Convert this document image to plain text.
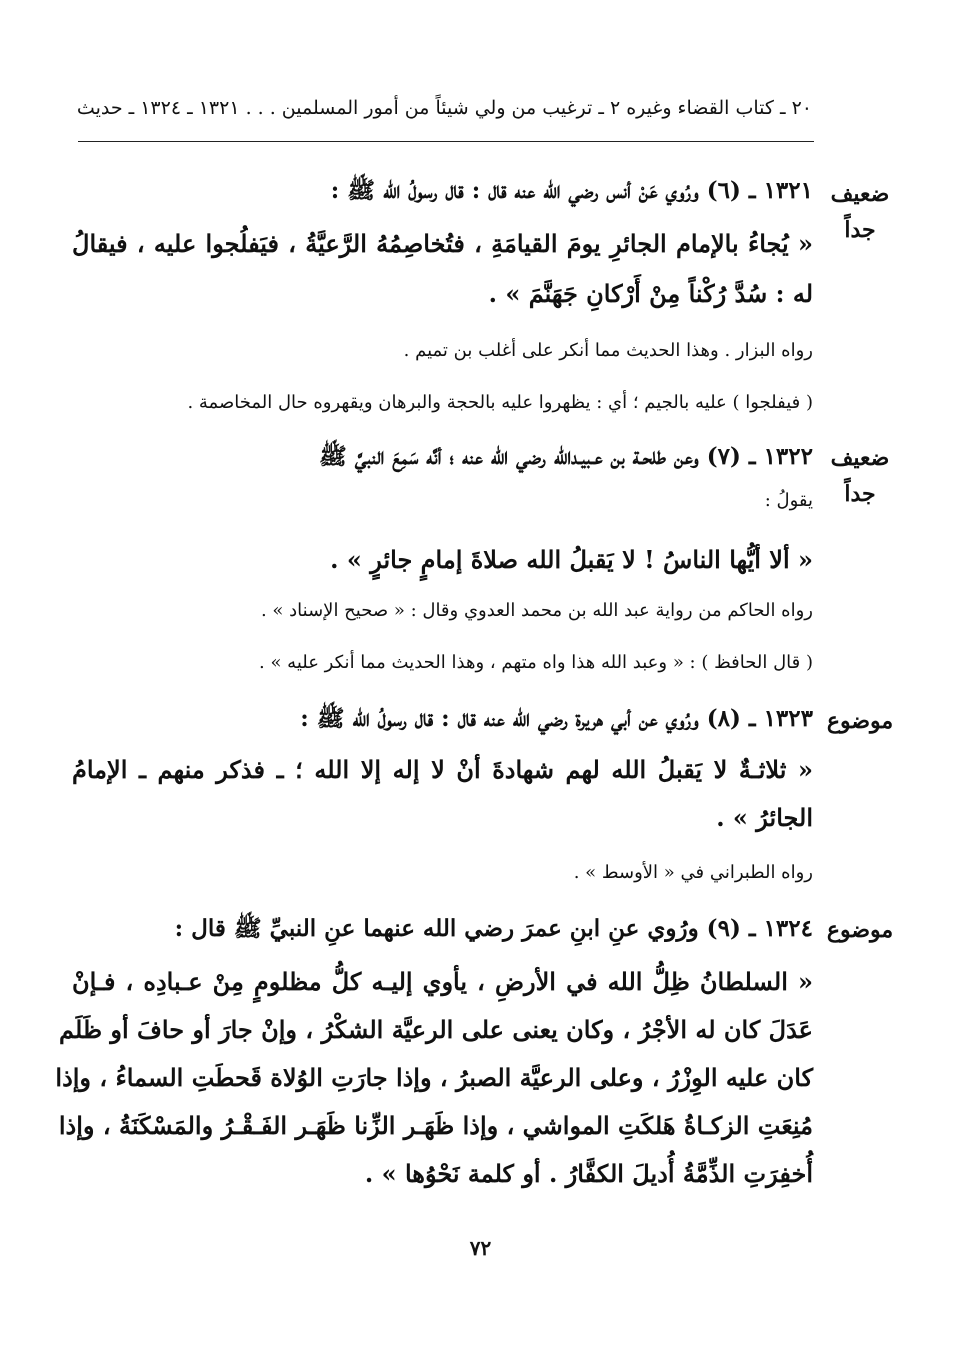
٢٠ ـ كتاب القضاء وغيره ٢ ـ ترغيب من ولي شيئاً من أمور المسلمين . . . ١٣٢١ ـ ١٣٢٤ ـ حديث
ضعيف
جداً
١٣٢١ ـ (٦) ورُوي عَنْ أنس رضي الله عنه قال : قال رسولُ الله ﷺ :
« يُجاءُ بالإمام الجائرِ يومَ القيامَةِ ، فتُخاصِمُهُ الرَّعيَّةُ ، فيَفلُجوا عليه ، فيقالُ
له : سُدَّ رُكْناً مِنْ أَرْكانِ جَهَنَّمَ » .
رواه البزار . وهذا الحديث مما أنكر على أغلب بن تميم .
( فيفلجوا ) عليه بالجيم ؛ أي : يظهروا عليه بالحجة والبرهان ويقهروه حال المخاصمة .
ضعيف
جداً
١٣٢٢ ـ (٧) وعن طلحـة بن عـبيـدالله رضي الله عنه ؛ أنَّه سَمِعَ النبيَّ ﷺ
يقولُ :
« ألا أيُّها الناسُ ! لا يَقبلُ الله صلاةَ إمامٍ جائرٍ » .
رواه الحاكم من رواية عبد الله بن محمد العدوي وقال : « صحيح الإسناد » .
( قال الحافظ ) : « وعبد الله هذا واه متهم ، وهذا الحديث مما أنكر عليه » .
موضوع
١٣٢٣ ـ (٨) ورُوي عن أبي هريرة رضي الله عنه قال : قال رسولُ الله ﷺ :
« ثلاثـةٌ لا يَقبلُ الله لهم شهادةَ أنْ لا إله إلا الله ؛ ـ فذكر منهم ـ الإمامُ
الجائرُ » .
رواه الطبراني في « الأوسط » .
موضوع
١٣٢٤ ـ (٩) ورُوي عنِ ابنِ عمرَ رضي الله عنهما عنِ النبيِّ ﷺ قال :
« السلطانُ ظِلُّ الله في الأرضِ ، يأوي إليـه كلُّ مظلومٍ مِنْ عـبادِه ، فـإنْ
عَدَلَ كان له الأجْرُ ، وكان يعنى على الرعيَّة الشكْرُ ، وإنْ جارَ أو حافَ أو ظَلَم
كان عليه الوِزْرُ ، وعلى الرعيَّة الصبرُ ، وإذا جارَتِ الوُلاة قَحطَتِ السماءُ ، وإذا
مُنِعَتِ الزكـاةُ هَلكَتِ المواشي ، وإذا ظَهَـر الزِّنا ظَهَـر الفَـقْـرُ والمَسْكَنَةُ ، وإذا
أُخفِرَتِ الذِّمَّةُ أُديلَ الكفَّارُ . أو كلمة نَحْوُها » .
٧٢
